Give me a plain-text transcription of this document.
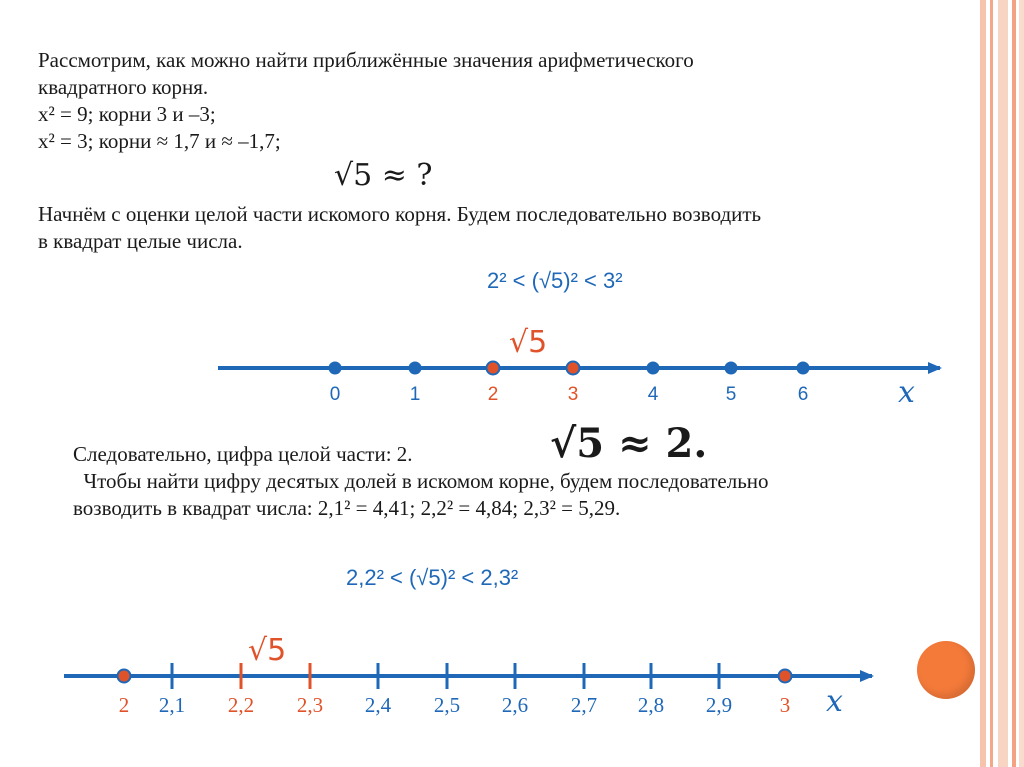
Рассмотрим, как можно найти приближённые значения арифметического
квадратного корня.
x² = 9; корни 3 и –3;
x² = 3; корни ≈ 1,7 и ≈ –1,7;

√5 ≈ ?

Начнём с оценки целой части искомого корня. Будем последовательно возводить
в квадрат целые числа.

2² < (√5)² < 3²

Следовательно, цифра целой части: 2.
Чтобы найти цифру десятых долей в искомом корне, будем последовательно
возводить в квадрат числа: 2,1² = 4,41; 2,2² = 4,84; 2,3² = 5,29.

√5 ≈ 2.
2,2² < (√5)² < 2,3²
x
√5
0	1	2	3	4	5	6
x
√5
2 2,1 2,2 2,3 2,4 2,5 2,6 2,7 2,8 2,9 3
